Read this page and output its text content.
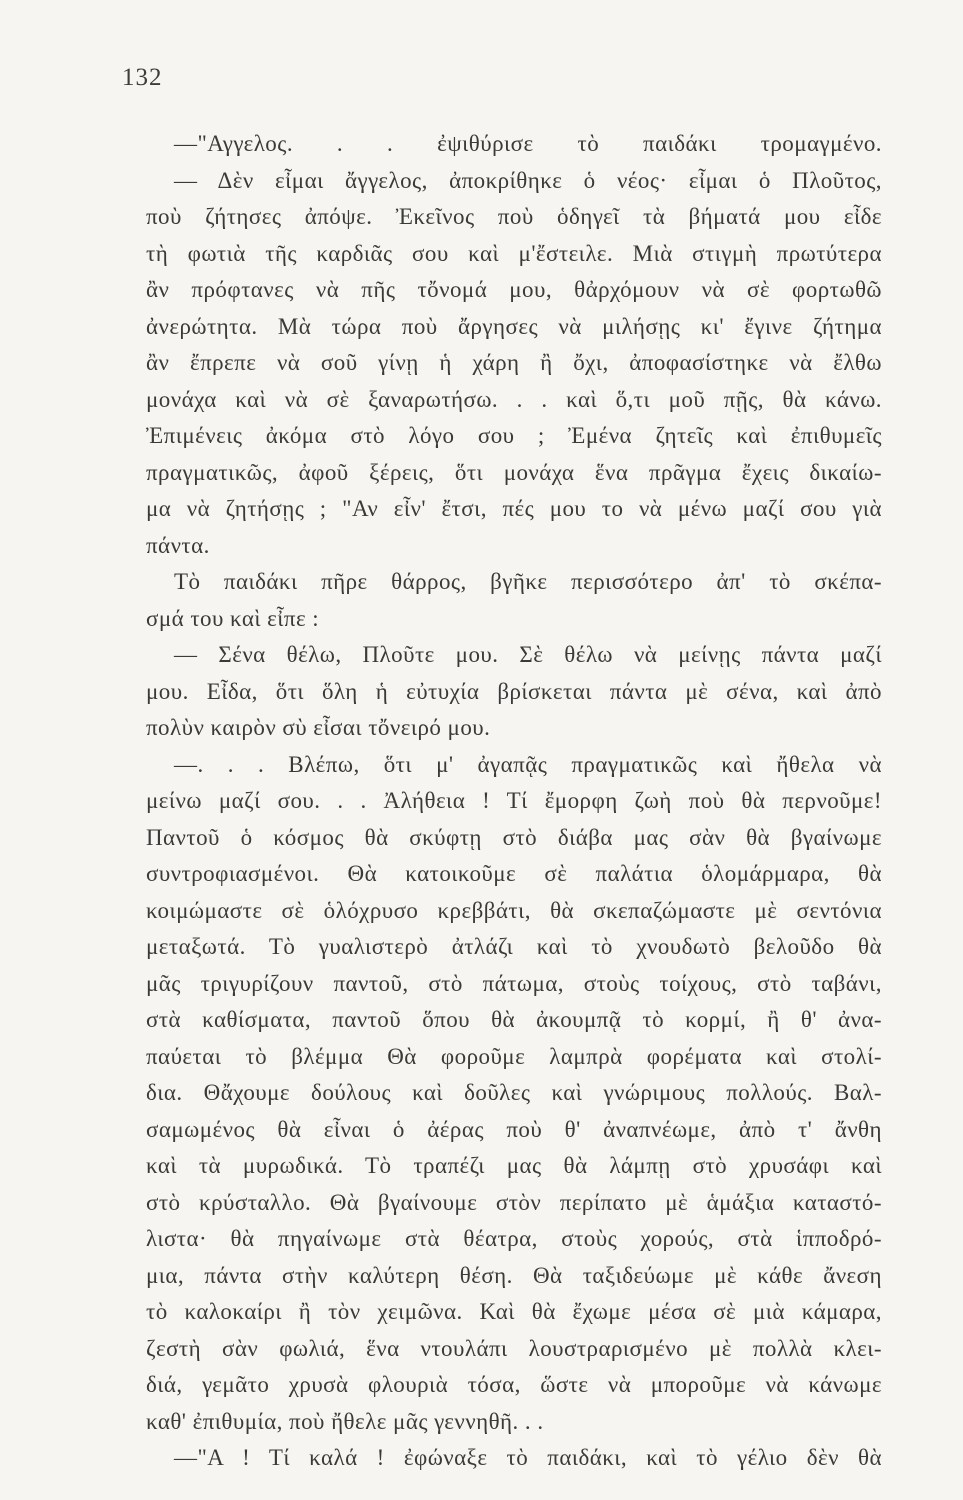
132
—"Αγγελος. . . ἐψιθύρισε τὸ παιδάκι τρομαγμένο.
— Δὲν εἶμαι ἄγγελος, ἀποκρίθηκε ὁ νέος· εἶμαι ὁ Πλοῦτος,
ποὺ ζήτησες ἀπόψε. Ἐκεῖνος ποὺ ὁδηγεῖ τὰ βήματά μου εἶδε
τὴ φωτιὰ τῆς καρδιᾶς σου καὶ μ'ἔστειλε. Μιὰ στιγμὴ πρωτύτερα
ἂν πρόφτανες νὰ πῆς τὄνομά μου, θἀρχόμουν νὰ σὲ φορτωθῶ
ἀνερώτητα. Μὰ τώρα ποὺ ἄργησες νὰ μιλήσῃς κι' ἔγινε ζήτημα
ἂν ἔπρεπε νὰ σοῦ γίνῃ ἡ χάρη ἢ ὄχι, ἀποφασίστηκε νὰ ἔλθω
μονάχα καὶ νὰ σὲ ξαναρωτήσω. . . καὶ ὅ,τι μοῦ πῇς, θὰ κάνω.
Ἐπιμένεις ἀκόμα στὸ λόγο σου ; Ἐμένα ζητεῖς καὶ ἐπιθυμεῖς
πραγματικῶς, ἀφοῦ ξέρεις, ὅτι μονάχα ἕνα πρᾶγμα ἔχεις δικαίω-
μα νὰ ζητήσῃς ; "Αν εἶν' ἔτσι, πές μου το νὰ μένω μαζί σου γιὰ
πάντα.
Τὸ παιδάκι πῆρε θάρρος, βγῆκε περισσότερο ἀπ' τὸ σκέπα-
σμά του καὶ εἶπε :
— Σένα θέλω, Πλοῦτε μου. Σὲ θέλω νὰ μείνῃς πάντα μαζί
μου. Εἶδα, ὅτι ὅλη ἡ εὐτυχία βρίσκεται πάντα μὲ σένα, καὶ ἀπὸ
πολὺν καιρὸν σὺ εἶσαι τὄνειρό μου.
—. . . Βλέπω, ὅτι μ' ἀγαπᾷς πραγματικῶς καὶ ἤθελα νὰ
μείνω μαζί σου. . . Ἀλήθεια ! Τί ἔμορφη ζωὴ ποὺ θὰ περνοῦμε!
Παντοῦ ὁ κόσμος θὰ σκύφτῃ στὸ διάβα μας σὰν θὰ βγαίνωμε
συντροφιασμένοι. Θὰ κατοικοῦμε σὲ παλάτια ὁλομάρμαρα, θὰ
κοιμώμαστε σὲ ὁλόχρυσο κρεββάτι, θὰ σκεπαζώμαστε μὲ σεντόνια
μεταξωτά. Τὸ γυαλιστερὸ ἀτλάζι καὶ τὸ χνουδωτὸ βελοῦδο θὰ
μᾶς τριγυρίζουν παντοῦ, στὸ πάτωμα, στοὺς τοίχους, στὸ ταβάνι,
στὰ καθίσματα, παντοῦ ὅπου θὰ ἀκουμπᾷ τὸ κορμί, ἢ θ' ἀνα-
παύεται τὸ βλέμμα Θὰ φοροῦμε λαμπρὰ φορέματα καὶ στολί-
δια. Θἄχουμε δούλους καὶ δοῦλες καὶ γνώριμους πολλούς. Βαλ-
σαμωμένος θὰ εἶναι ὁ ἀέρας ποὺ θ' ἀναπνέωμε, ἀπὸ τ' ἄνθη
καὶ τὰ μυρωδικά. Τὸ τραπέζι μας θὰ λάμπῃ στὸ χρυσάφι καὶ
στὸ κρύσταλλο. Θὰ βγαίνουμε στὸν περίπατο μὲ ἁμάξια καταστό-
λιστα· θὰ πηγαίνωμε στὰ θέατρα, στοὺς χορούς, στὰ ἱπποδρό-
μια, πάντα στὴν καλύτερη θέση. Θὰ ταξιδεύωμε μὲ κάθε ἄνεση
τὸ καλοκαίρι ἢ τὸν χειμῶνα. Καὶ θὰ ἔχωμε μέσα σὲ μιὰ κάμαρα,
ζεστὴ σὰν φωλιά, ἕνα ντουλάπι λουστραρισμένο μὲ πολλὰ κλει-
διά, γεμᾶτο χρυσὰ φλουριὰ τόσα, ὥστε νὰ μποροῦμε νὰ κάνωμε
καθ' ἐπιθυμία, ποὺ ἤθελε μᾶς γεννηθῆ. . .
—"Α ! Τί καλά ! ἐφώναξε τὸ παιδάκι, καὶ τὸ γέλιο δὲν θὰ
